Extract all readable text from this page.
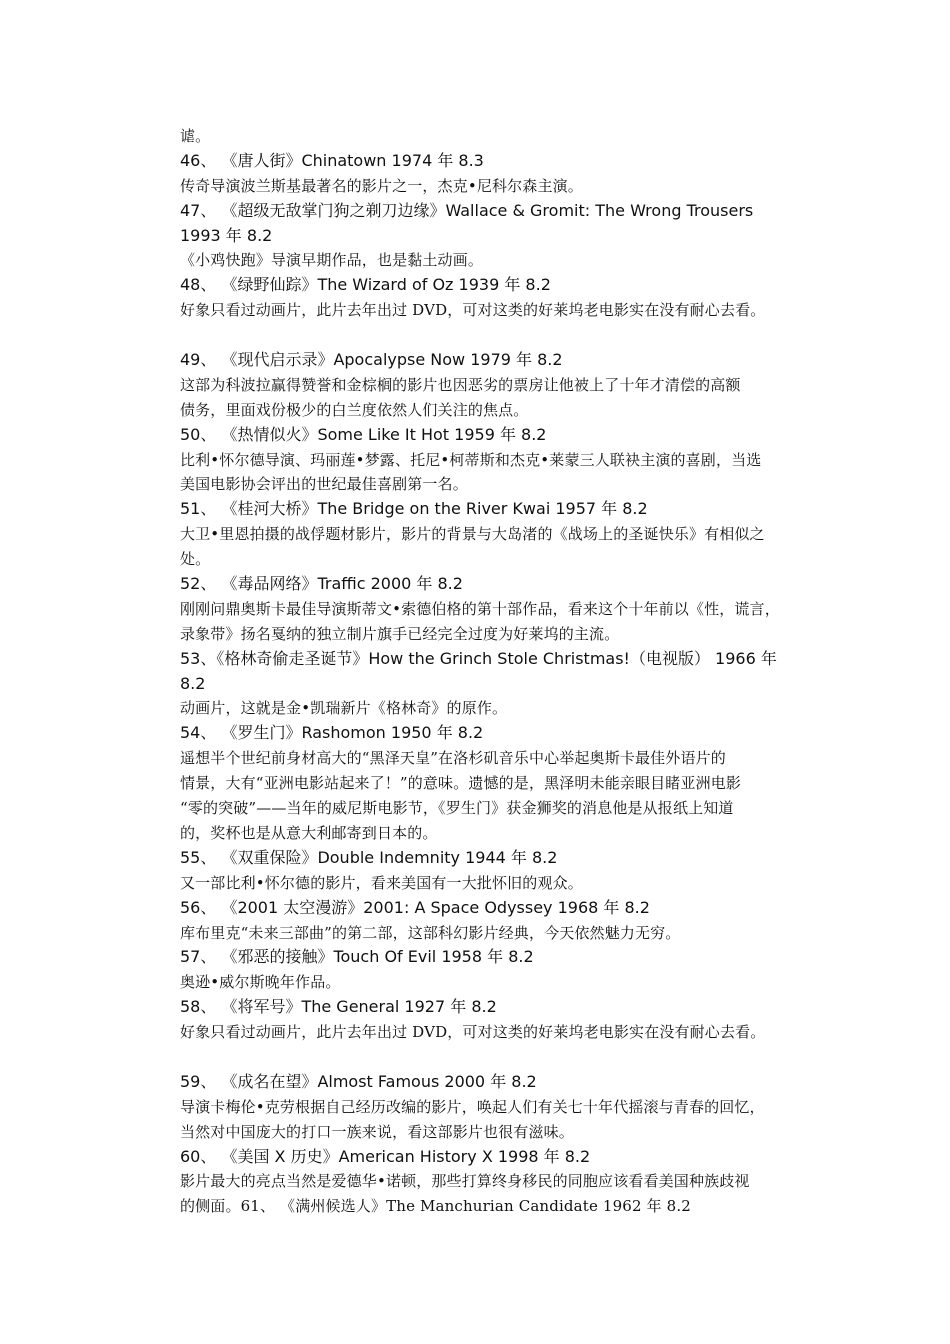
谑。
46、 《唐人街》Chinatown 1974 年 8.3
传奇导演波兰斯基最著名的影片之一，杰克•尼科尔森主演。
47、 《超级无敌掌门狗之剃刀边缘》Wallace & Gromit: The Wrong Trousers
1993 年 8.2
《小鸡快跑》导演早期作品，也是黏土动画。
48、 《绿野仙踪》The Wizard of Oz 1939 年 8.2
好象只看过动画片，此片去年出过 DVD，可对这类的好莱坞老电影实在没有耐心去看。
49、 《现代启示录》Apocalypse Now 1979 年 8.2
这部为科波拉赢得赞誉和金棕榈的影片也因恶劣的票房让他被上了十年才清偿的高额
债务，里面戏份极少的白兰度依然人们关注的焦点。
50、 《热情似火》Some Like It Hot 1959 年 8.2
比利•怀尔德导演、玛丽莲•梦露、托尼•柯蒂斯和杰克•莱蒙三人联袂主演的喜剧，当选
美国电影协会评出的世纪最佳喜剧第一名。
51、 《桂河大桥》The Bridge on the River Kwai 1957 年 8.2
大卫•里恩拍摄的战俘题材影片，影片的背景与大岛渚的《战场上的圣诞快乐》有相似之
处。
52、 《毒品网络》Traffic 2000 年 8.2
刚刚问鼎奥斯卡最佳导演斯蒂文•索德伯格的第十部作品，看来这个十年前以《性，谎言，
录象带》扬名戛纳的独立制片旗手已经完全过度为好莱坞的主流。
53、《格林奇偷走圣诞节》How the Grinch Stole Christmas!（电视版） 1966 年
8.2
动画片，这就是金•凯瑞新片《格林奇》的原作。
54、 《罗生门》Rashomon 1950 年 8.2
遥想半个世纪前身材高大的“黑泽天皇”在洛杉矶音乐中心举起奥斯卡最佳外语片的
情景，大有“亚洲电影站起来了！”的意味。遗憾的是，黑泽明未能亲眼目睹亚洲电影
“零的突破”——当年的威尼斯电影节，《罗生门》获金狮奖的消息他是从报纸上知道
的，奖杯也是从意大利邮寄到日本的。
55、 《双重保险》Double Indemnity 1944 年 8.2
又一部比利•怀尔德的影片，看来美国有一大批怀旧的观众。
56、 《2001 太空漫游》2001: A Space Odyssey 1968 年 8.2
库布里克“未来三部曲”的第二部，这部科幻影片经典，今天依然魅力无穷。
57、 《邪恶的接触》Touch Of Evil 1958 年 8.2
奥逊•威尔斯晚年作品。
58、 《将军号》The General 1927 年 8.2
好象只看过动画片，此片去年出过 DVD，可对这类的好莱坞老电影实在没有耐心去看。
59、 《成名在望》Almost Famous 2000 年 8.2
导演卡梅伦•克劳根据自己经历改编的影片，唤起人们有关七十年代摇滚与青春的回忆，
当然对中国庞大的打口一族来说，看这部影片也很有滋味。
60、 《美国 X 历史》American History X 1998 年 8.2
影片最大的亮点当然是爱德华•诺顿，那些打算终身移民的同胞应该看看美国种族歧视
的侧面。61、 《满州候选人》The Manchurian Candidate 1962 年 8.2
